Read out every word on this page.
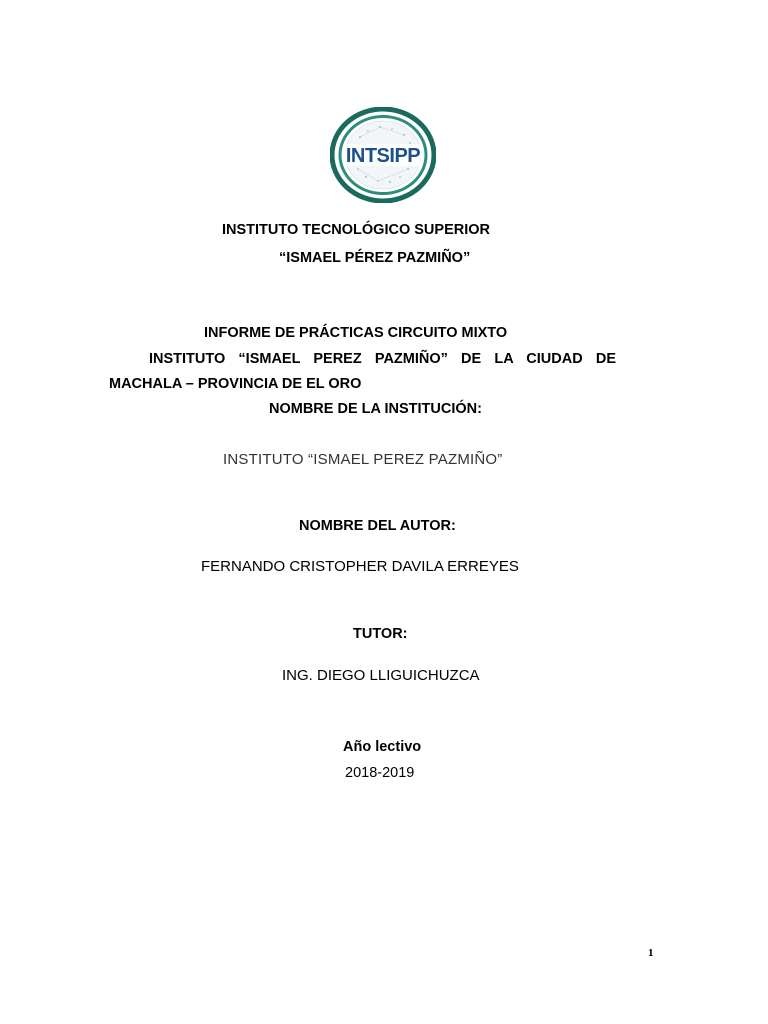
INTSIPP
INSTITUTO TECNOLÓGICO SUPERIOR
“ISMAEL PÉREZ PAZMIÑO”
INFORME DE PRÁCTICAS CIRCUITO MIXTO
INSTITUTO “ISMAEL PEREZ PAZMIÑO” DE LA CIUDAD DE
MACHALA – PROVINCIA DE EL ORO
NOMBRE DE LA INSTITUCIÓN:
INSTITUTO “ISMAEL PEREZ PAZMIÑO”
NOMBRE DEL AUTOR:
FERNANDO CRISTOPHER DAVILA ERREYES
TUTOR:
ING. DIEGO LLIGUICHUZCA
Año lectivo
2018-2019
1
